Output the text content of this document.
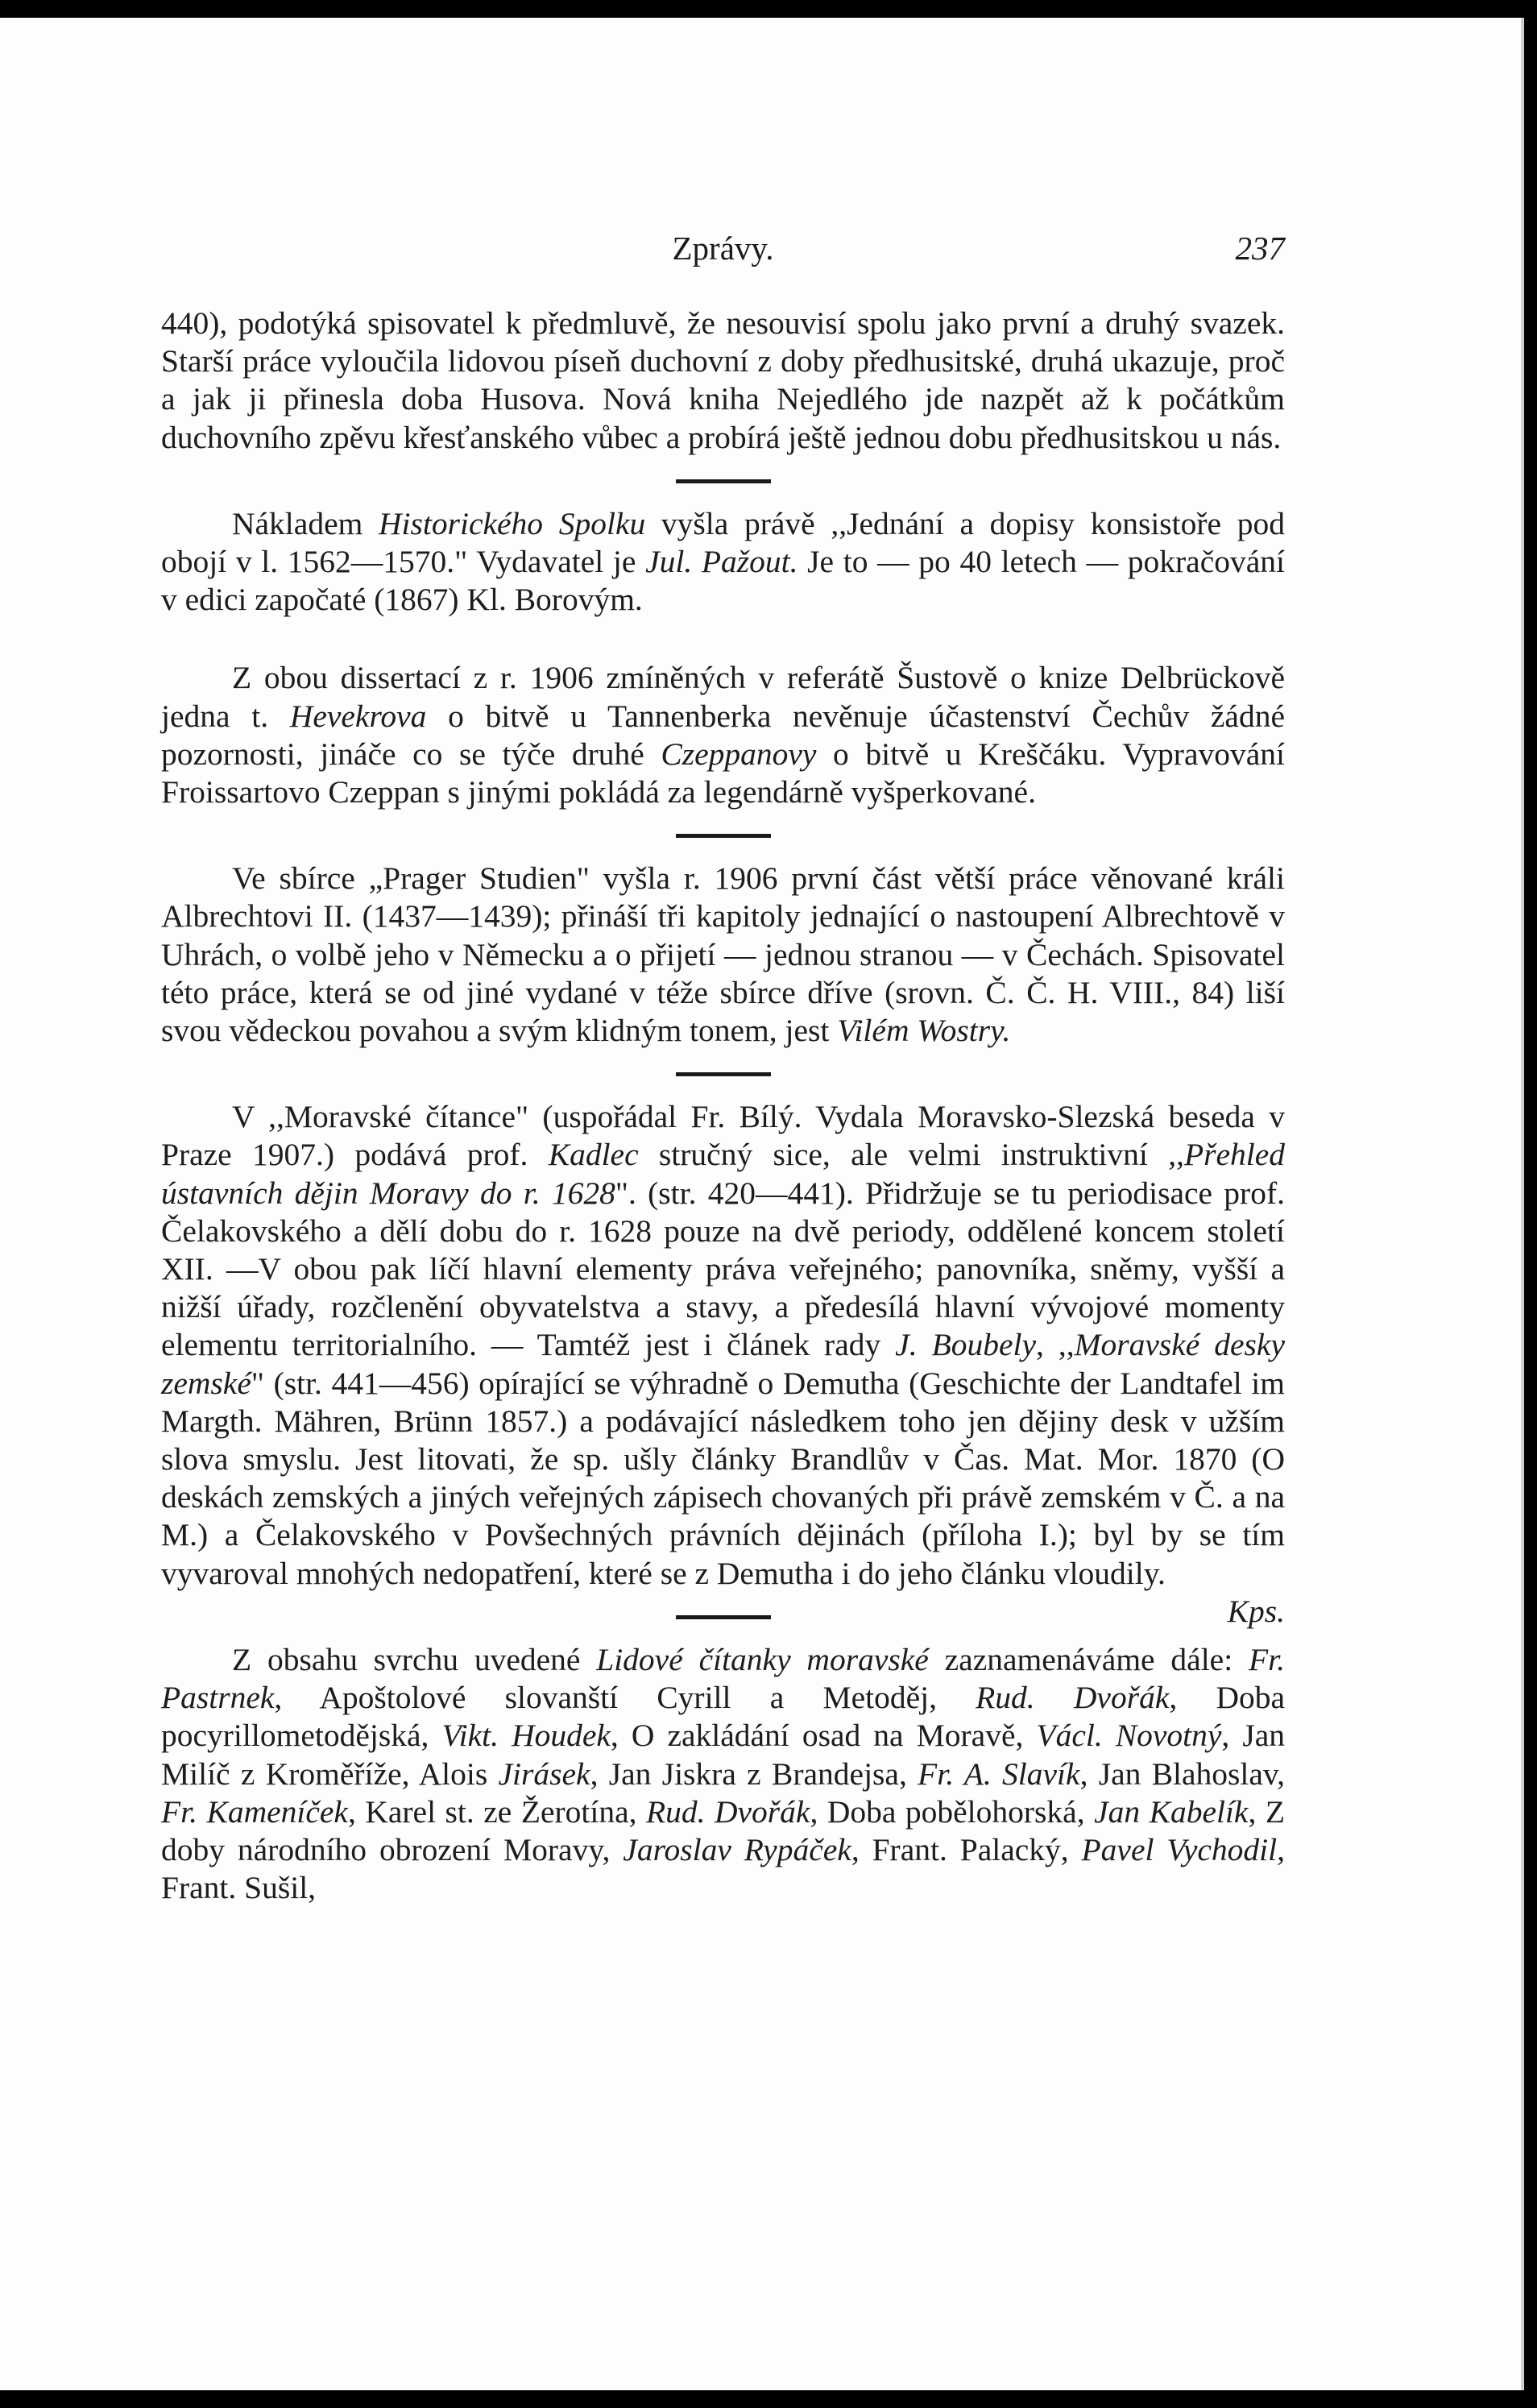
Zprávy.	237

440), podotýká spisovatel k předmluvě, že nesouvisí spolu jako první a druhý svazek. Starší práce vyloučila lidovou píseň duchovní z doby předhusitské, druhá ukazuje, proč a jak ji přinesla doba Husova. Nová kniha Nejedlého jde nazpět až k počátkům duchovního zpěvu křesťanského vůbec a probírá ještě jednou dobu předhusitskou u nás.

Nákladem Historického Spolku vyšla právě ,,Jednání a dopisy konsistoře pod obojí v l. 1562—1570." Vydavatel je Jul. Pažout. Je to — po 40 letech — pokračování v edici započaté (1867) Kl. Borovým.

Z obou dissertací z r. 1906 zmíněných v referátě Šustově o knize Delbrückově jedna t. Hevekrova o bitvě u Tannenberka nevěnuje účastenství Čechův žádné pozornosti, jináče co se týče druhé Czeppanovy o bitvě u Kreščáku. Vypravování Froissartovo Czeppan s jinými pokládá za legendárně vyšperkované.

Ve sbírce „Prager Studien" vyšla r. 1906 první část větší práce věnované králi Albrechtovi II. (1437—1439); přináší tři kapitoly jednající o nastoupení Albrechtově v Uhrách, o volbě jeho v Německu a o přijetí — jednou stranou — v Čechách. Spisovatel této práce, která se od jiné vydané v téže sbírce dříve (srovn. Č. Č. H. VIII., 84) liší svou vědeckou povahou a svým klidným tonem, jest Vilém Wostry.

V ,,Moravské čítance" (uspořádal Fr. Bílý. Vydala Moravsko-Slezská beseda v Praze 1907.) podává prof. Kadlec stručný sice, ale velmi instruktivní ,,Přehled ústavních dějin Moravy do r. 1628". (str. 420—441). Přidržuje se tu periodisace prof. Čelakovského a dělí dobu do r. 1628 pouze na dvě periody, oddělené koncem století XII. —V obou pak líčí hlavní elementy práva veřejného; panovníka, sněmy, vyšší a nižší úřady, rozčlenění obyvatelstva a stavy, a předesílá hlavní vývojové momenty elementu territorialního. — Tamtéž jest i článek rady J. Boubely, ,,Moravské desky zemské" (str. 441—456) opírající se výhradně o Demutha (Geschichte der Landtafel im Margth. Mähren, Brünn 1857.) a podávající následkem toho jen dějiny desk v užším slova smyslu. Jest litovati, že sp. ušly články Brandlův v Čas. Mat. Mor. 1870 (O deskách zemských a jiných veřejných zápisech chovaných při právě zemském v Č. a na M.) a Čelakovského v Povšechných právních dějinách (příloha I.); byl by se tím vyvaroval mnohých nedopatření, které se z Demutha i do jeho článku vloudily.
Kps.

Z obsahu svrchu uvedené Lidové čítanky moravské zaznamenáváme dále: Fr. Pastrnek, Apoštolové slovanští Cyrill a Metoděj, Rud. Dvořák, Doba pocyrillometodějská, Vikt. Houdek, O zakládání osad na Moravě, Václ. Novotný, Jan Milíč z Kroměříže, Alois Jirásek, Jan Jiskra z Brandejsa, Fr. A. Slavík, Jan Blahoslav, Fr. Kameníček, Karel st. ze Žerotína, Rud. Dvořák, Doba pobělohorská, Jan Kabelík, Z doby národního obrození Moravy, Jaroslav Rypáček, Frant. Palacký, Pavel Vychodil, Frant. Sušil,
